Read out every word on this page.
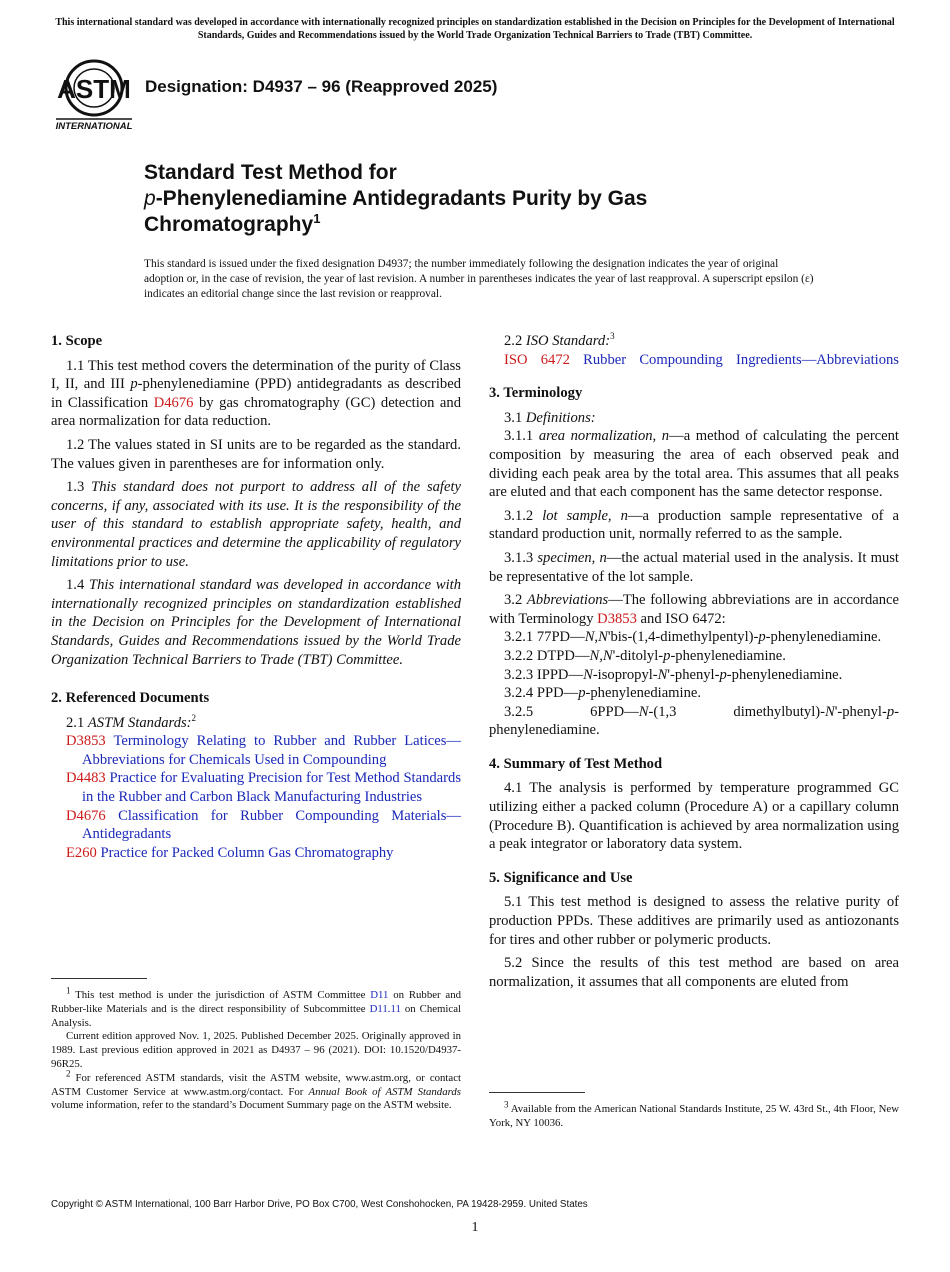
This international standard was developed in accordance with internationally recognized principles on standardization established in the Decision on Principles for the Development of International Standards, Guides and Recommendations issued by the World Trade Organization Technical Barriers to Trade (TBT) Committee.
ASTM
INTERNATIONAL
Designation: D4937 – 96 (Reapproved 2025)
Standard Test Method for
p-Phenylenediamine Antidegradants Purity by Gas
Chromatography$^1$
This standard is issued under the fixed designation D4937; the number immediately following the designation indicates the year of original adoption or, in the case of revision, the year of last revision. A number in parentheses indicates the year of last reapproval. A superscript epsilon (ε) indicates an editorial change since the last revision or reapproval.

1. Scope

1.1 This test method covers the determination of the purity of Class I, II, and III p-phenylenediamine (PPD) antidegradants as described in Classification D4676 by gas chromatography (GC) detection and area normalization for data reduction.

1.2 The values stated in SI units are to be regarded as the standard. The values given in parentheses are for information only.

1.3 This standard does not purport to address all of the safety concerns, if any, associated with its use. It is the responsibility of the user of this standard to establish appropriate safety, health, and environmental practices and determine the applicability of regulatory limitations prior to use.

1.4 This international standard was developed in accordance with internationally recognized principles on standardization established in the Decision on Principles for the Development of International Standards, Guides and Recommendations issued by the World Trade Organization Technical Barriers to Trade (TBT) Committee.

2. Referenced Documents

2.1 ASTM Standards:$^2$

D3853 Terminology Relating to Rubber and Rubber Latices—Abbreviations for Chemicals Used in Compounding

D4483 Practice for Evaluating Precision for Test Method Standards in the Rubber and Carbon Black Manufacturing Industries

D4676 Classification for Rubber Compounding Materials—Antidegradants

E260 Practice for Packed Column Gas Chromatography

$^1$ This test method is under the jurisdiction of ASTM Committee D11 on Rubber and Rubber-like Materials and is the direct responsibility of Subcommittee D11.11 on Chemical Analysis.

Current edition approved Nov. 1, 2025. Published December 2025. Originally approved in 1989. Last previous edition approved in 2021 as D4937 – 96 (2021). DOI: 10.1520/D4937-96R25.

$^2$ For referenced ASTM standards, visit the ASTM website, www.astm.org, or contact ASTM Customer Service at www.astm.org/contact. For Annual Book of ASTM Standards volume information, refer to the standard’s Document Summary page on the ASTM website.

2.2 ISO Standard:$^3$

ISO 6472 Rubber Compounding Ingredients—Abbreviations

3. Terminology

3.1 Definitions:

3.1.1 area normalization, n—a method of calculating the percent composition by measuring the area of each observed peak and dividing each peak area by the total area. This assumes that all peaks are eluted and that each component has the same detector response.

3.1.2 lot sample, n—a production sample representative of a standard production unit, normally referred to as the sample.

3.1.3 specimen, n—the actual material used in the analysis. It must be representative of the lot sample.

3.2 Abbreviations—The following abbreviations are in accordance with Terminology D3853 and ISO 6472:

3.2.1 77PD—N,N'bis-(1,4-dimethylpentyl)-p-phenylenediamine.

3.2.2 DTPD—N,N'-ditolyl-p-phenylenediamine.

3.2.3 IPPD—N-isopropyl-N'-phenyl-p-phenylenediamine.

3.2.4 PPD—p-phenylenediamine.

3.2.5 6PPD—N-(1,3 dimethylbutyl)-N'-phenyl-p-phenylenediamine.

4. Summary of Test Method

4.1 The analysis is performed by temperature programmed GC utilizing either a packed column (Procedure A) or a capillary column (Procedure B). Quantification is achieved by area normalization using a peak integrator or laboratory data system.

5. Significance and Use

5.1 This test method is designed to assess the relative purity of production PPDs. These additives are primarily used as antiozonants for tires and other rubber or polymeric products.

5.2 Since the results of this test method are based on area normalization, it assumes that all components are eluted from

$^3$ Available from the American National Standards Institute, 25 W. 43rd St., 4th Floor, New York, NY 10036.

Copyright © ASTM International, 100 Barr Harbor Drive, PO Box C700, West Conshohocken, PA 19428-2959. United States
1
